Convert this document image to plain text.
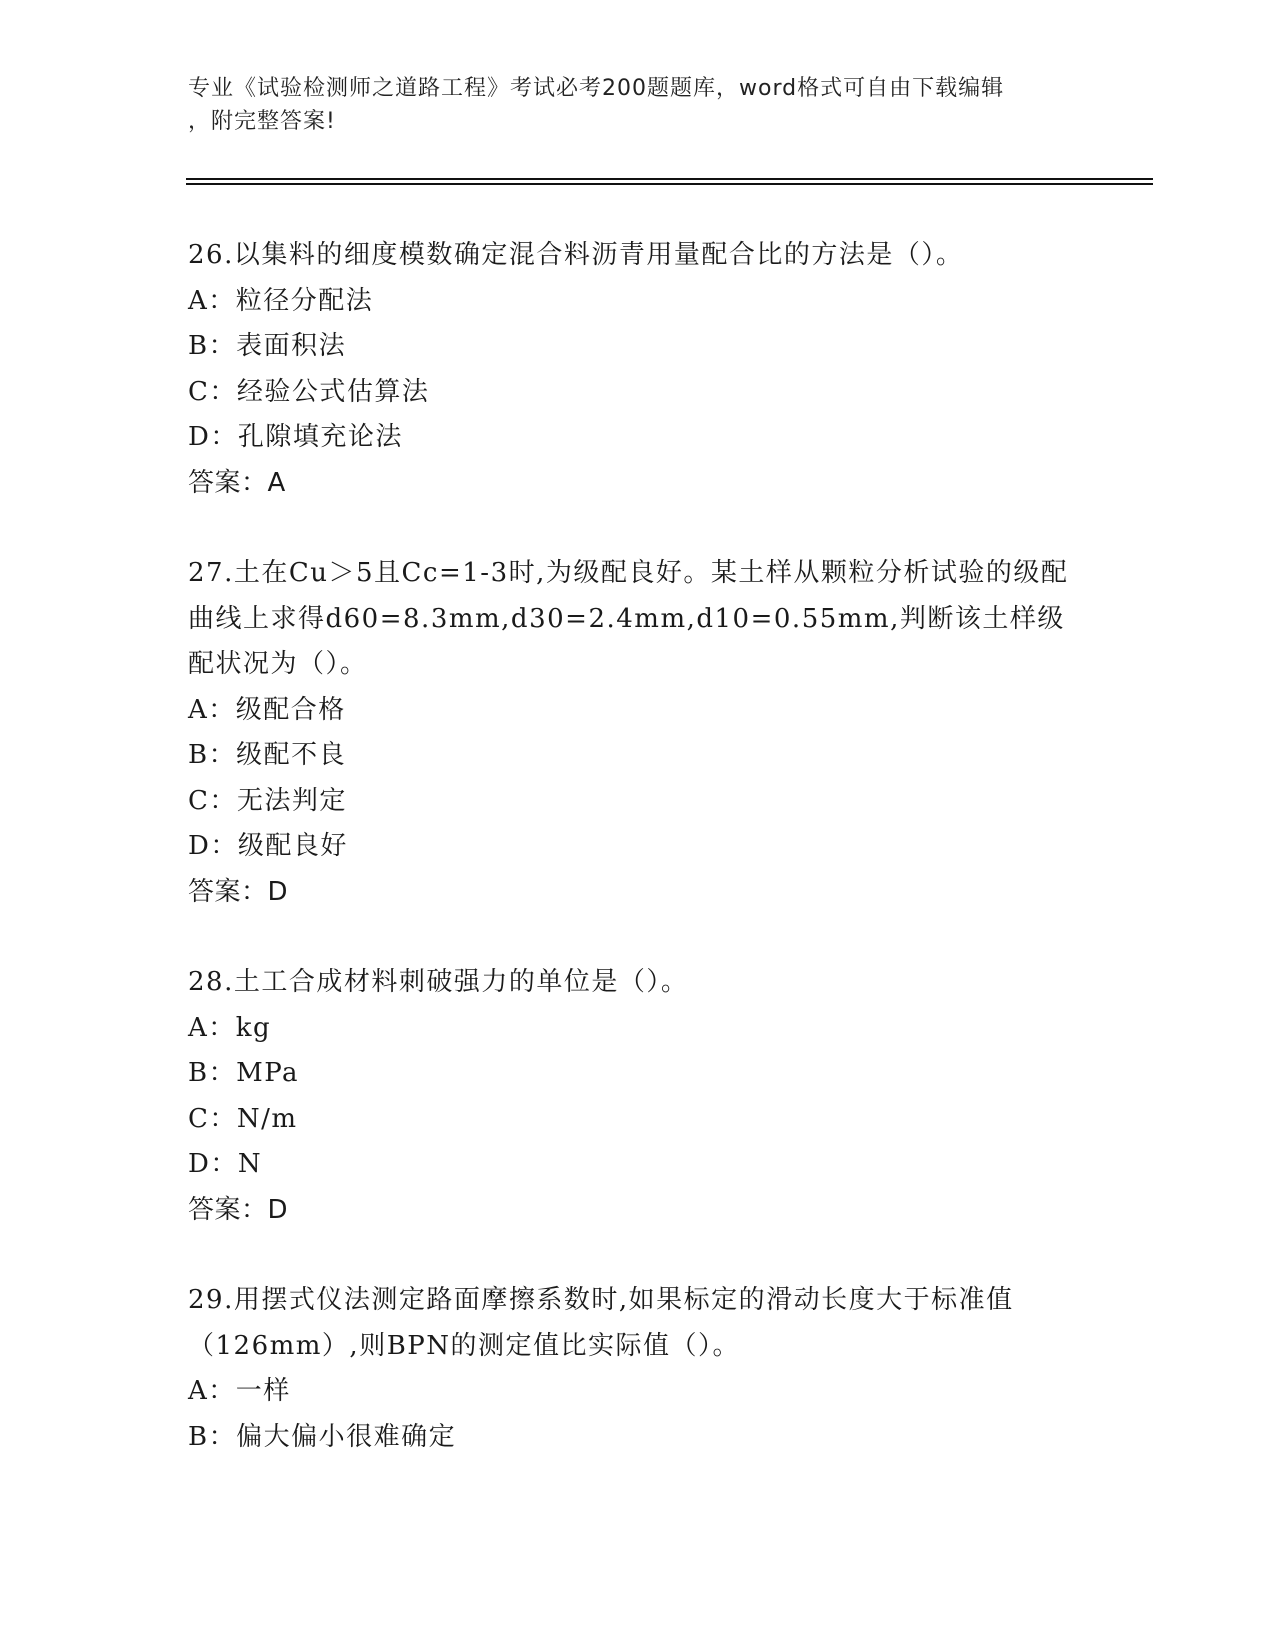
专业《试验检测师之道路工程》考试必考200题题库，word格式可自由下载编辑
，附完整答案!
26.以集料的细度模数确定混合料沥青用量配合比的方法是（）。
A：粒径分配法
B：表面积法
C：经验公式估算法
D：孔隙填充论法
答案：A
27.土在Cu＞5且Cc=1-3时,为级配良好。某土样从颗粒分析试验的级配曲线上求得d60=8.3mm,d30=2.4mm,d10=0.55mm,判断该土样级配状况为（）。
A：级配合格
B：级配不良
C：无法判定
D：级配良好
答案：D
28.土工合成材料刺破强力的单位是（）。
A：kg
B：MPa
C：N/m
D：N
答案：D
29.用摆式仪法测定路面摩擦系数时,如果标定的滑动长度大于标准值（126mm）,则BPN的测定值比实际值（）。
A：一样
B：偏大偏小很难确定
